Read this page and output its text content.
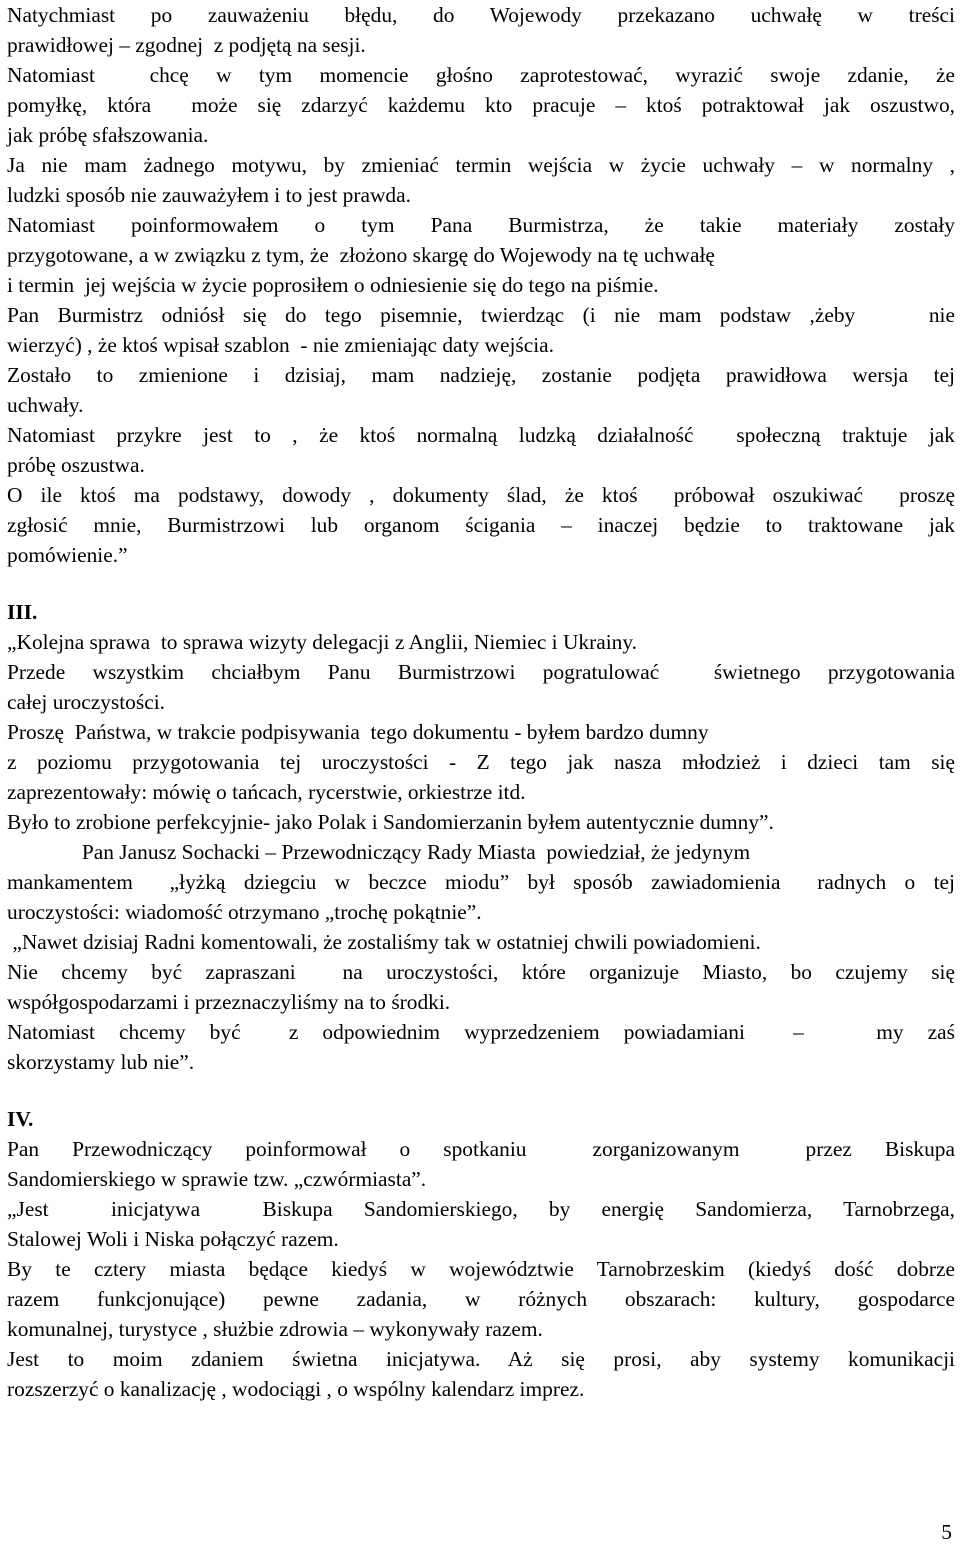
Natychmiast po zauważeniu błędu, do Wojewody przekazano uchwałę w treści
prawidłowej – zgodnej  z podjętą na sesji.
Natomiast  chcę w tym momencie głośno zaprotestować, wyrazić swoje zdanie, że
pomyłkę, która  może się zdarzyć każdemu kto pracuje – ktoś potraktował jak oszustwo,
jak próbę sfałszowania.
Ja nie mam żadnego motywu, by zmieniać termin wejścia w życie uchwały – w normalny ,
ludzki sposób nie zauważyłem i to jest prawda.
Natomiast poinformowałem o tym Pana Burmistrza, że takie materiały zostały
przygotowane, a w związku z tym, że  złożono skargę do Wojewody na tę uchwałę
i termin  jej wejścia w życie poprosiłem o odniesienie się do tego na piśmie.
Pan Burmistrz odniósł się do tego pisemnie, twierdząc (i nie mam podstaw ,żeby    nie
wierzyć) , że ktoś wpisał szablon  - nie zmieniając daty wejścia.
Zostało to zmienione i dzisiaj, mam nadzieję, zostanie podjęta prawidłowa wersja tej
uchwały.
Natomiast przykre jest to , że ktoś normalną ludzką działalność  społeczną traktuje jak
próbę oszustwa.
O ile ktoś ma podstawy, dowody , dokumenty ślad, że ktoś  próbował oszukiwać  proszę
zgłosić mnie, Burmistrzowi lub organom ścigania – inaczej będzie to traktowane jak
pomówienie.”
III.
„Kolejna sprawa  to sprawa wizyty delegacji z Anglii, Niemiec i Ukrainy.
Przede wszystkim chciałbym Panu Burmistrzowi pogratulować  świetnego przygotowania
całej uroczystości.
Proszę  Państwa, w trakcie podpisywania  tego dokumentu - byłem bardzo dumny
z poziomu przygotowania tej uroczystości - Z tego jak nasza młodzież i dzieci tam się
zaprezentowały: mówię o tańcach, rycerstwie, orkiestrze itd.
Było to zrobione perfekcyjnie- jako Polak i Sandomierzanin byłem autentycznie dumny”.
Pan Janusz Sochacki – Przewodniczący Rady Miasta  powiedział, że jedynym
mankamentem  „łyżką dziegciu w beczce miodu” był sposób zawiadomienia  radnych o tej
uroczystości: wiadomość otrzymano „trochę pokątnie”.
„Nawet dzisiaj Radni komentowali, że zostaliśmy tak w ostatniej chwili powiadomieni.
Nie chcemy być zapraszani  na uroczystości, które organizuje Miasto, bo czujemy się
współgospodarzami i przeznaczyliśmy na to środki.
Natomiast chcemy być  z odpowiednim wyprzedzeniem powiadamiani  –   my zaś
skorzystamy lub nie”.
IV.
Pan Przewodniczący poinformował o spotkaniu  zorganizowanym  przez Biskupa
Sandomierskiego w sprawie tzw. „czwórmiasta”.
„Jest  inicjatywa  Biskupa Sandomierskiego, by energię Sandomierza, Tarnobrzega,
Stalowej Woli i Niska połączyć razem.
By te cztery miasta będące kiedyś w województwie Tarnobrzeskim (kiedyś dość dobrze
razem funkcjonujące) pewne zadania, w różnych obszarach: kultury, gospodarce
komunalnej, turystyce , służbie zdrowia – wykonywały razem.
Jest to moim zdaniem świetna inicjatywa. Aż się prosi, aby systemy komunikacji
rozszerzyć o kanalizację , wodociągi , o wspólny kalendarz imprez.
5
